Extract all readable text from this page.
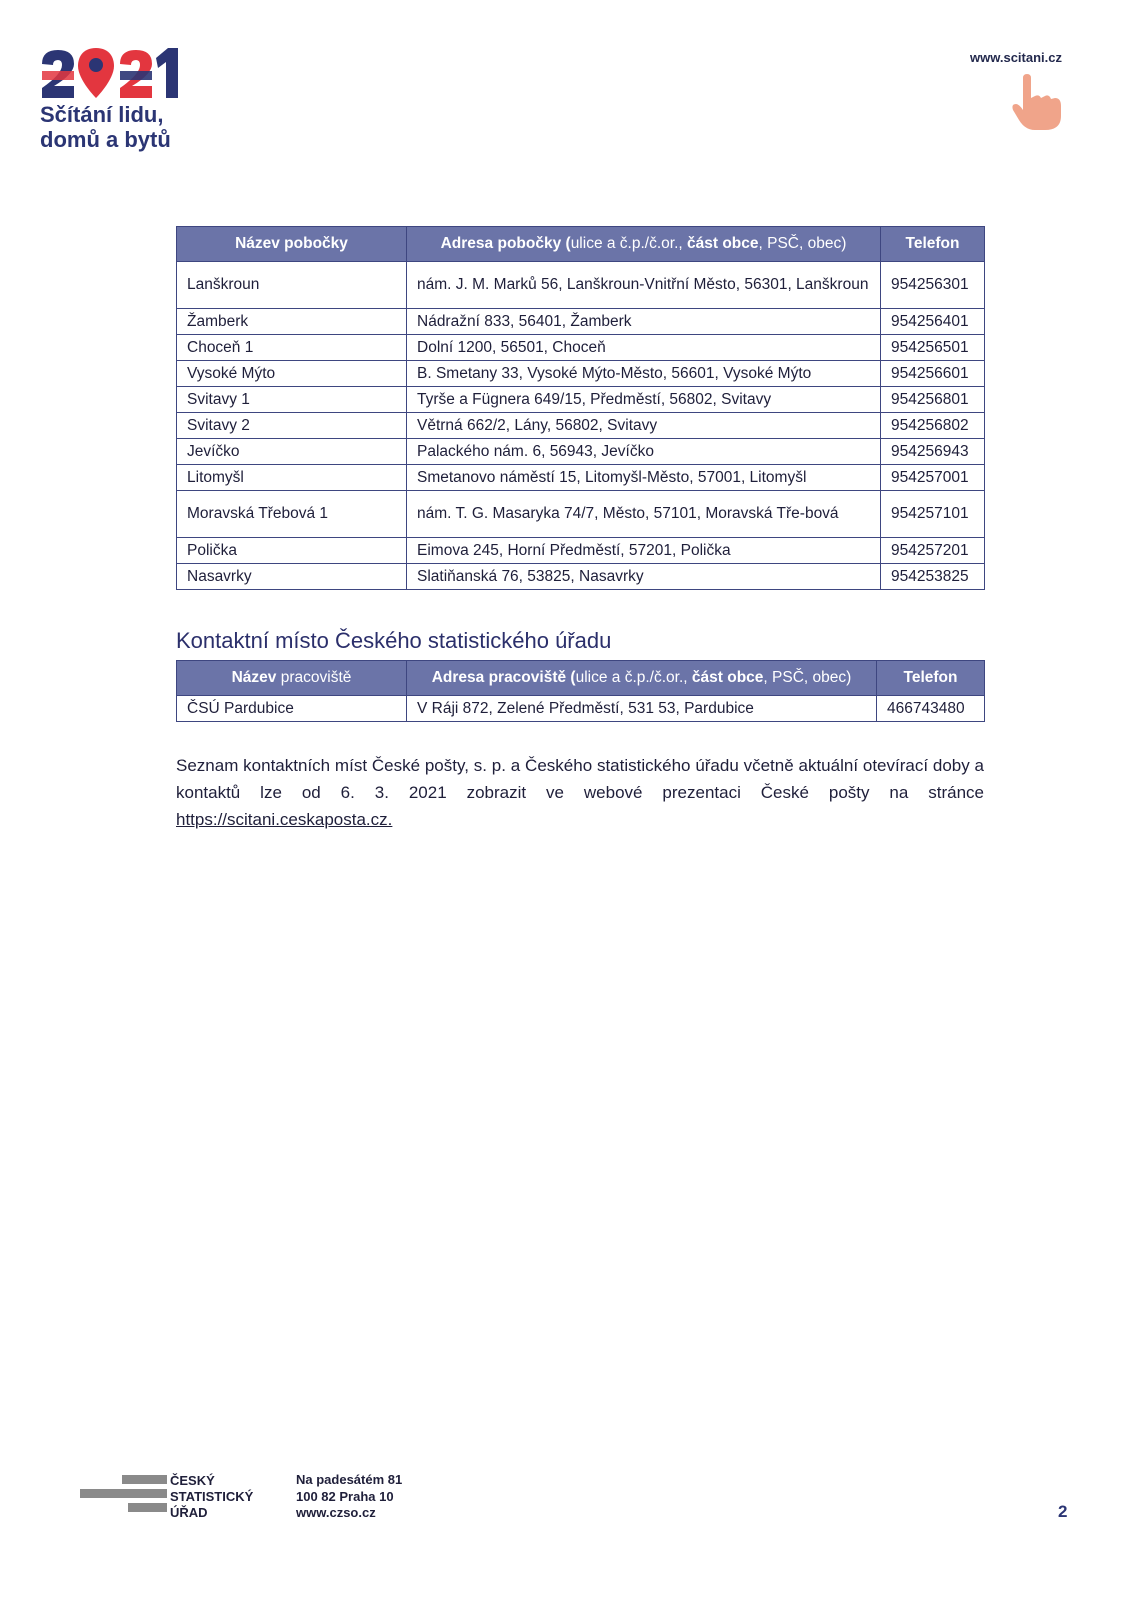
Sčítání lidu,
domů a bytů
www.scitani.cz
Název pobočky	Adresa pobočky (ulice a č.p./č.or., část obce, PSČ, obec)	Telefon
Lanškroun	nám. J. M. Marků 56, Lanškroun-Vnitřní Město, 56301, Lanškroun	954256301
Žamberk	Nádražní 833, 56401, Žamberk	954256401
Choceň 1	Dolní 1200, 56501, Choceň	954256501
Vysoké Mýto	B. Smetany 33, Vysoké Mýto-Město, 56601, Vysoké Mýto	954256601
Svitavy 1	Tyrše a Fügnera 649/15, Předměstí, 56802, Svitavy	954256801
Svitavy 2	Větrná 662/2, Lány, 56802, Svitavy	954256802
Jevíčko	Palackého nám. 6, 56943, Jevíčko	954256943
Litomyšl	Smetanovo náměstí 15, Litomyšl-Město, 57001, Litomyšl	954257001
Moravská Třebová 1	nám. T. G. Masaryka 74/7, Město, 57101, Moravská Tře-bová	954257101
Polička	Eimova 245, Horní Předměstí, 57201, Polička	954257201
Nasavrky	Slatiňanská 76, 53825, Nasavrky	954253825
Kontaktní místo Českého statistického úřadu
Název pracoviště	Adresa pracoviště (ulice a č.p./č.or., část obce, PSČ, obec)	Telefon
ČSÚ Pardubice	V Ráji 872, Zelené Předměstí, 531 53, Pardubice	466743480

Seznam kontaktních míst České pošty, s. p. a Českého statistického úřadu včetně aktuální otevírací doby a kontaktů lze od 6. 3. 2021 zobrazit ve webové prezentaci České pošty na stránce https://scitani.ceskaposta.cz.

ČESKÝ
STATISTICKÝ
ÚŘAD
Na padesátém 81
100 82 Praha 10
www.czso.cz	2
